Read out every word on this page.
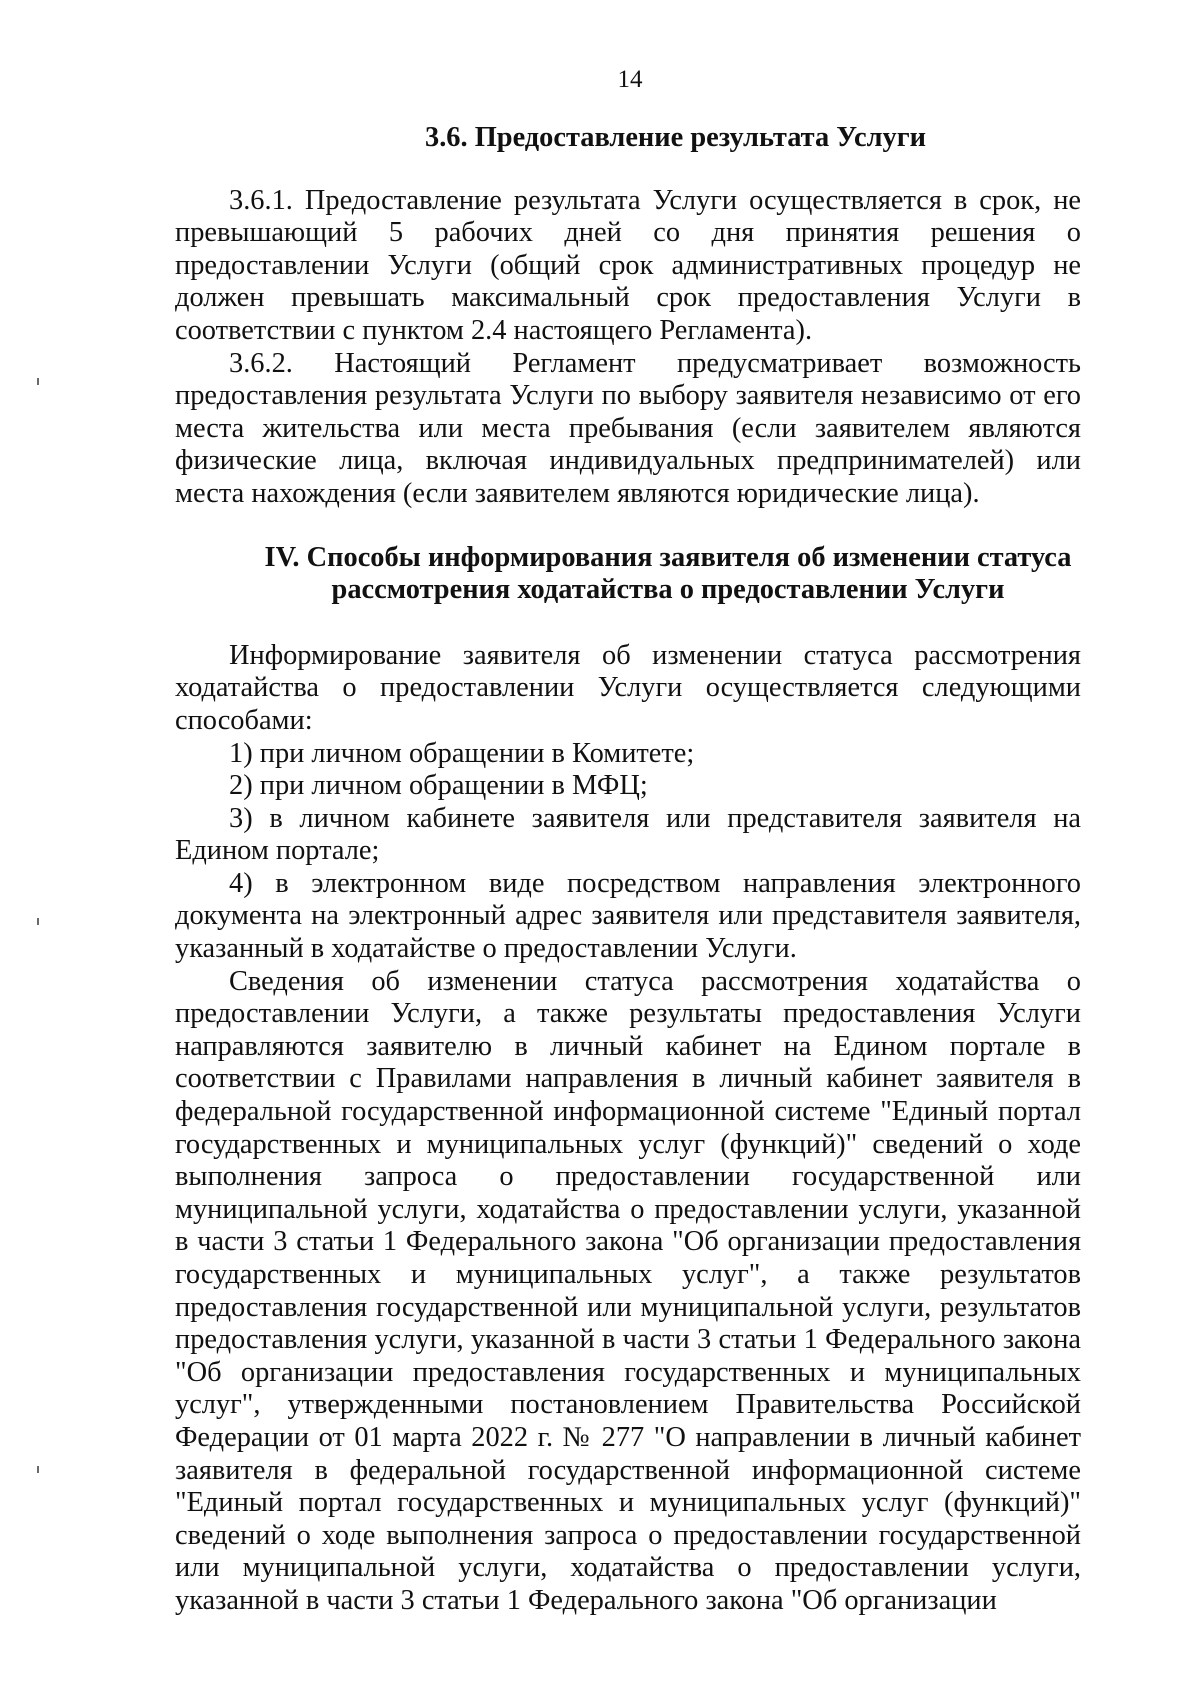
14
3.6. Предоставление результата Услуги

3.6.1. Предоставление результата Услуги осуществляется в срок, не превышающий 5 рабочих дней со дня принятия решения о предоставлении Услуги (общий срок административных процедур не должен превышать максимальный срок предоставления Услуги в соответствии с пунктом 2.4 настоящего Регламента).

3.6.2. Настоящий Регламент предусматривает возможность предоставления результата Услуги по выбору заявителя независимо от его места жительства или места пребывания (если заявителем являются физические лица, включая индивидуальных предпринимателей) или места нахождения (если заявителем являются юридические лица).

IV. Способы информирования заявителя об изменении статуса
рассмотрения ходатайства о предоставлении Услуги

Информирование заявителя об изменении статуса рассмотрения ходатайства о предоставлении Услуги осуществляется следующими способами:

1) при личном обращении в Комитете;

2) при личном обращении в МФЦ;

3) в личном кабинете заявителя или представителя заявителя на Едином портале;

4) в электронном виде посредством направления электронного документа на электронный адрес заявителя или представителя заявителя, указанный в ходатайстве о предоставлении Услуги.

Сведения об изменении статуса рассмотрения ходатайства о предоставлении Услуги, а также результаты предоставления Услуги направляются заявителю в личный кабинет на Едином портале в соответствии с Правилами направления в личный кабинет заявителя в федеральной государственной информационной системе "Единый портал государственных и муниципальных услуг (функций)" сведений о ходе выполнения запроса о предоставлении государственной или муниципальной услуги, ходатайства о предоставлении услуги, указанной в части 3 статьи 1 Федерального закона "Об организации предоставления государственных и муниципальных услуг", а также результатов предоставления государственной или муниципальной услуги, результатов предоставления услуги, указанной в части 3 статьи 1 Федерального закона "Об организации предоставления государственных и муниципальных услуг", утвержденными постановлением Правительства Российской Федерации от 01 марта 2022 г. № 277 "О направлении в личный кабинет заявителя в федеральной государственной информационной системе "Единый портал государственных и муниципальных услуг (функций)" сведений о ходе выполнения запроса о предоставлении государственной или муниципальной услуги, ходатайства о предоставлении услуги, указанной в части 3 статьи 1 Федерального закона "Об организации
